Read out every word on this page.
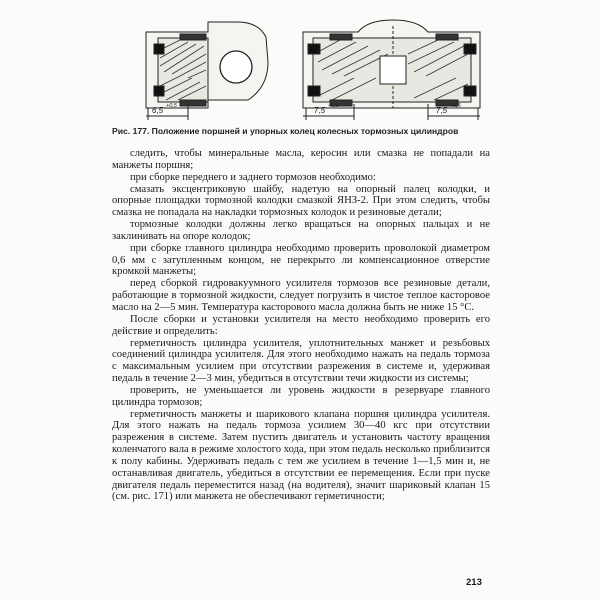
6,5 +0,5	7,5 +0,5	7,5 +0,5
Рис. 177. Положение поршней и упорных колец колесных тормозных цилиндров

следить, чтобы минеральные масла, керосин или смазка не попадали на манжеты поршня;

при сборке переднего и заднего тормозов необходимо:

смазать эксцентриковую шайбу, надетую на опорный палец колодки, и опорные площадки тормозной колодки смазкой ЯНЗ-2. При этом следить, чтобы смазка не попадала на накладки тормозных колодок и резиновые детали;

тормозные колодки должны легко вращаться на опорных пальцах и не заклинивать на опоре колодок;

при сборке главного цилиндра необходимо проверить проволокой диаметром 0,6 мм с затупленным концом, не перекрыто ли компенсационное отверстие кромкой манжеты;

перед сборкой гидровакуумного усилителя тормозов все резиновые детали, работающие в тормозной жидкости, следует погрузить в чистое теплое касторовое масло на 2—5 мин. Температура касторового масла должна быть не ниже 15 °С.

После сборки и установки усилителя на место необходимо проверить его действие и определить:

герметичность цилиндра усилителя, уплотнительных манжет и резьбовых соединений цилиндра усилителя. Для этого необходимо нажать на педаль тормоза с максимальным усилием при отсутствии разрежения в системе и, удерживая педаль в течение 2—3 мин, убедиться в отсутствии течи жидкости из системы;

проверить, не уменьшается ли уровень жидкости в резервуаре главного цилиндра тормозов;

герметичность манжеты и шарикового клапана поршня цилиндра усилителя. Для этого нажать на педаль тормоза усилием 30—40 кгс при отсутствии разрежения в системе. Затем пустить двигатель и установить частоту вращения коленчатого вала в режиме холостого хода, при этом педаль несколько приблизится к полу кабины. Удерживать педаль с тем же усилием в течение 1—1,5 мин и, не останавливая двигатель, убедиться в отсутствии ее перемещения. Если при пуске двигателя педаль переместится назад (на водителя), значит шариковый клапан 15 (см. рис. 171) или манжета не обеспечивают герметичности;

213
